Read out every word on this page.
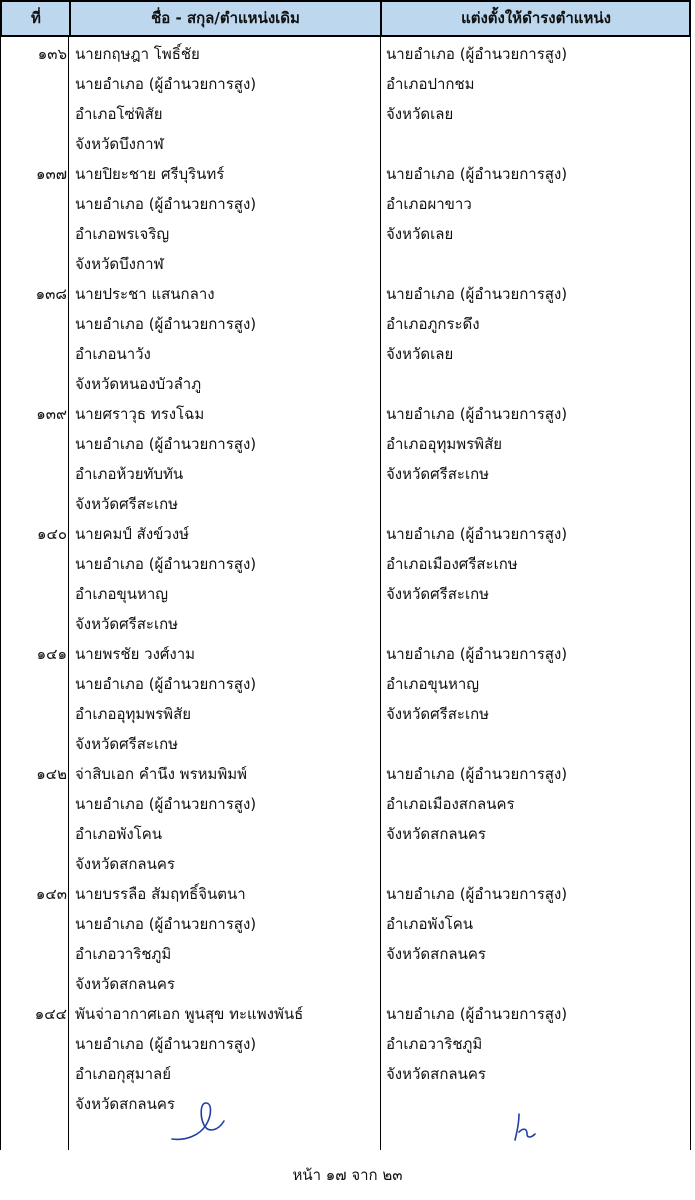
ที่	ชื่อ - สกุล/ตำแหน่งเดิม	แต่งตั้งให้ดำรงตำแหน่ง
๑๓๖ นายกฤษฎา โพธิ์ชัย
นายอำเภอ (ผู้อำนวยการสูง)
อำเภอโซ่พิสัย
จังหวัดบึงกาฬ
นายอำเภอ (ผู้อำนวยการสูง)
อำเภอปากชม
จังหวัดเลย
๑๓๗ นายปิยะชาย ศรีบุรินทร์
นายอำเภอ (ผู้อำนวยการสูง)
อำเภอพรเจริญ
จังหวัดบึงกาฬ
นายอำเภอ (ผู้อำนวยการสูง)
อำเภอผาขาว
จังหวัดเลย
๑๓๘ นายประชา แสนกลาง
นายอำเภอ (ผู้อำนวยการสูง)
อำเภอนาวัง
จังหวัดหนองบัวลำภู
นายอำเภอ (ผู้อำนวยการสูง)
อำเภอภูกระดึง
จังหวัดเลย
๑๓๙ นายศราวุธ ทรงโฉม
นายอำเภอ (ผู้อำนวยการสูง)
อำเภอห้วยทับทัน
จังหวัดศรีสะเกษ
นายอำเภอ (ผู้อำนวยการสูง)
อำเภออุทุมพรพิสัย
จังหวัดศรีสะเกษ
๑๔๐ นายคมป์ สังข์วงษ์
นายอำเภอ (ผู้อำนวยการสูง)
อำเภอขุนหาญ
จังหวัดศรีสะเกษ
นายอำเภอ (ผู้อำนวยการสูง)
อำเภอเมืองศรีสะเกษ
จังหวัดศรีสะเกษ
๑๔๑ นายพรชัย วงศ์งาม
นายอำเภอ (ผู้อำนวยการสูง)
อำเภออุทุมพรพิสัย
จังหวัดศรีสะเกษ
นายอำเภอ (ผู้อำนวยการสูง)
อำเภอขุนหาญ
จังหวัดศรีสะเกษ
๑๔๒ จ่าสิบเอก คำนึง พรหมพิมพ์
นายอำเภอ (ผู้อำนวยการสูง)
อำเภอพังโคน
จังหวัดสกลนคร
นายอำเภอ (ผู้อำนวยการสูง)
อำเภอเมืองสกลนคร
จังหวัดสกลนคร
๑๔๓ นายบรรลือ สัมฤทธิ์จินตนา
นายอำเภอ (ผู้อำนวยการสูง)
อำเภอวาริชภูมิ
จังหวัดสกลนคร
นายอำเภอ (ผู้อำนวยการสูง)
อำเภอพังโคน
จังหวัดสกลนคร
๑๔๔ พันจ่าอากาศเอก พูนสุข ทะแพงพันธ์
นายอำเภอ (ผู้อำนวยการสูง)
อำเภอกุสุมาลย์
จังหวัดสกลนคร
นายอำเภอ (ผู้อำนวยการสูง)
อำเภอวาริชภูมิ
จังหวัดสกลนคร
หน้า ๑๗ จาก ๒๓
